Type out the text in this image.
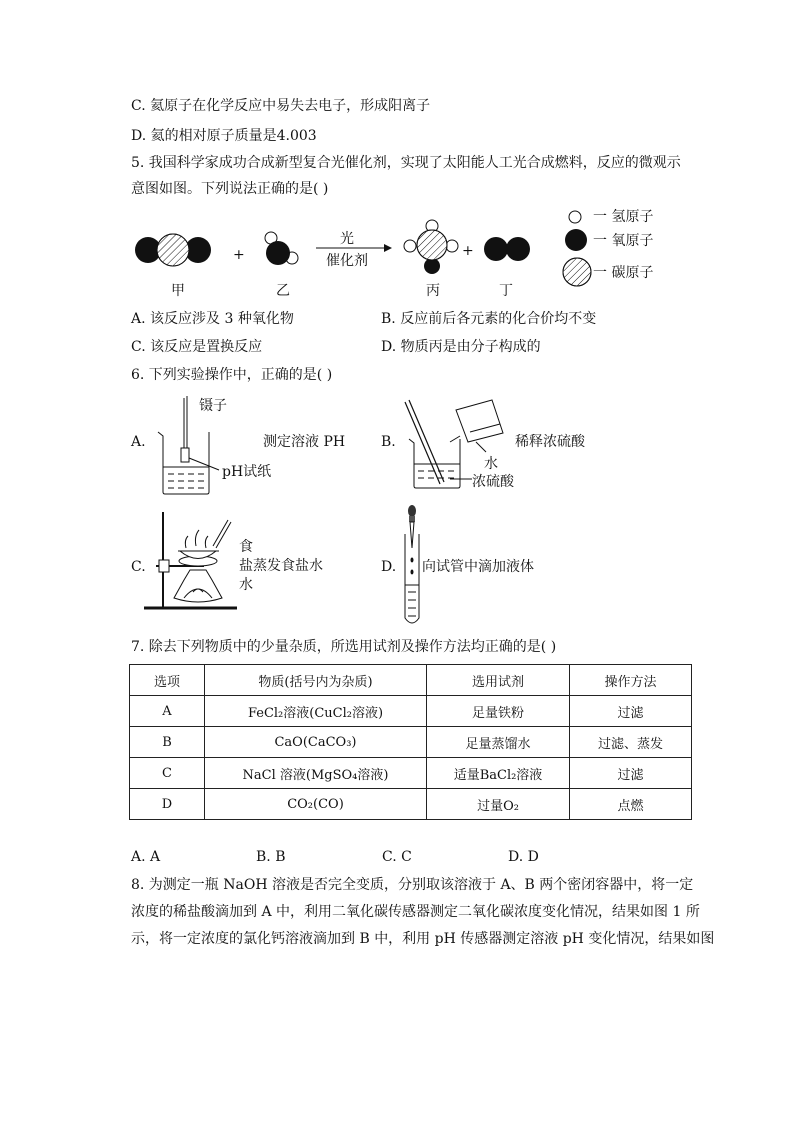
C. 氦原子在化学反应中易失去电子，形成阳离子
D. 氦的相对原子质量是4.003
5. 我国科学家成功合成新型复合光催化剂，实现了太阳能人工光合成燃料，反应的微观示
意图如图。下列说法正确的是( )
+	+
光
催化剂
甲	乙	丙	丁
一 氢原子
一 氧原子
一 碳原子
A. 该反应涉及 3 种氧化物	B. 反应前后各元素的化合价均不变
C. 该反应是置换反应	D. 物质丙是由分子构成的
6. 下列实验操作中，正确的是( )
A.
镊子
测定溶液 PH
pH试纸
B.	稀释浓硫酸
水
浓硫酸
C.
食
盐蒸发食盐水
水
D. 向试管中滴加液体
7. 除去下列物质中的少量杂质，所选用试剂及操作方法均正确的是( )
选项	物质(括号内为杂质)	选用试剂	操作方法
A	FeCl₂溶液(CuCl₂溶液)	足量铁粉	过滤
B	CaO(CaCO₃)	足量蒸馏水	过滤、蒸发
C	NaCl 溶液(MgSO₄溶液)	适量BaCl₂溶液	过滤
D	CO₂(CO)	过量O₂	点燃
A. A	B. B	C. C	D. D
8. 为测定一瓶 NaOH 溶液是否完全变质，分别取该溶液于 A、B 两个密闭容器中，将一定
浓度的稀盐酸滴加到 A 中，利用二氧化碳传感器测定二氧化碳浓度变化情况，结果如图 1 所
示，将一定浓度的氯化钙溶液滴加到 B 中，利用 pH 传感器测定溶液 pH 变化情况，结果如图
